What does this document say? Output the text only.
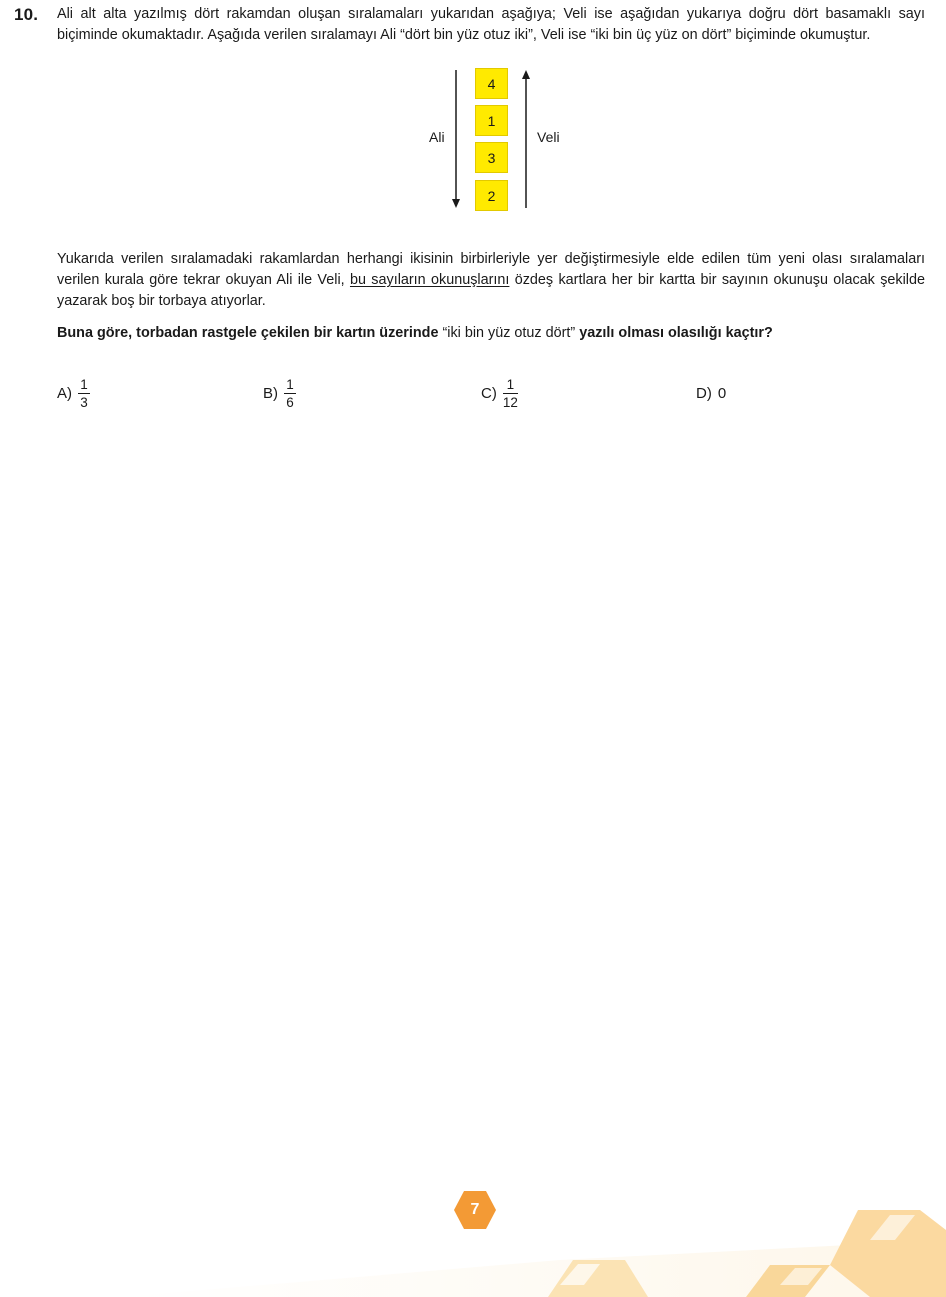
10. Ali alt alta yazılmış dört rakamdan oluşan sıralamaları yukarıdan aşağıya; Veli ise aşağıdan yukarıya doğru dört basamaklı sayı biçiminde okumaktadır. Aşağıda verilen sıralamayı Ali “dört bin yüz otuz iki”, Veli ise “iki bin üç yüz on dört” biçiminde okumuştur.
Ali	Veli
4
1
3
2
Yukarıda verilen sıralamadaki rakamlardan herhangi ikisinin birbirleriyle yer değiştirmesiyle elde edilen tüm yeni olası sıralamaları verilen kurala göre tekrar okuyan Ali ile Veli, bu sayıların okunuşlarını özdeş kartlara her bir kartta bir sayının okunuşu olacak şekilde yazarak boş bir torbaya atıyorlar.
Buna göre, torbadan rastgele çekilen bir kartın üzerinde “iki bin yüz otuz dört” yazılı olması olasılığı kaçtır?
$A) \frac{1}{3}$	$B) \frac{1}{6}$	$C) \frac{1}{12}$	D) 0
7
